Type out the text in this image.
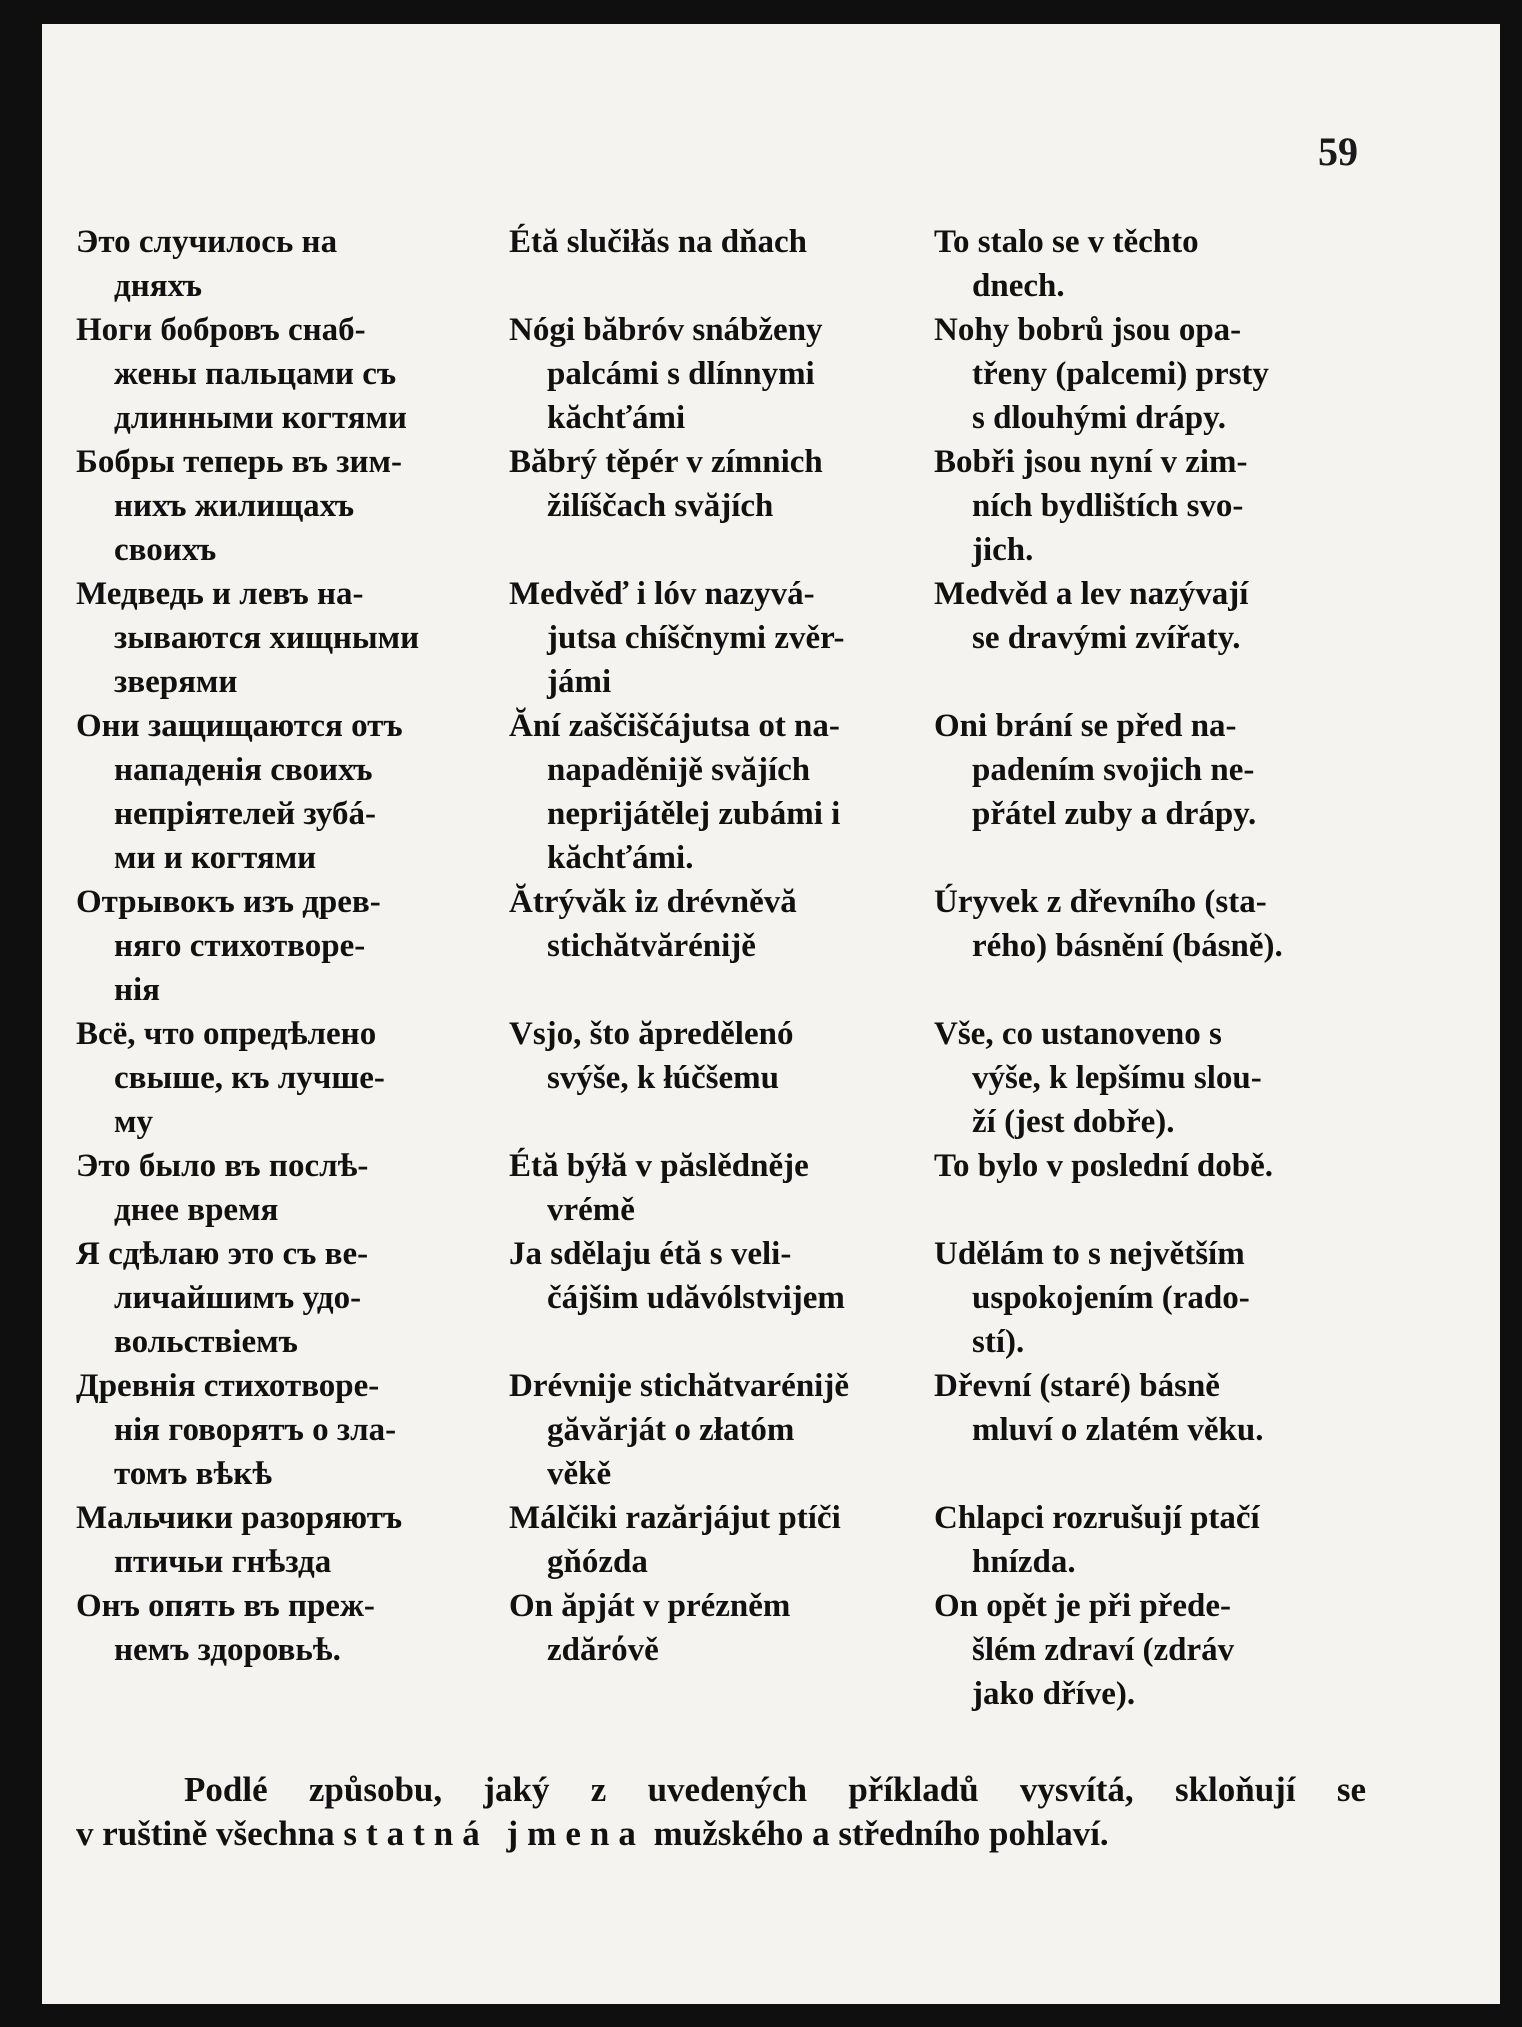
59
Это случилось на
дняхъ
Étă slučiłăs na dňach	To stalo se v těchto
dnech.
Ноги бобровъ снаб-
жены пальцами съ
длинными когтями
Nógi băbróv snábženy
palcámi s dlínnymi
kăchťámi
Nohy bobrů jsou opa-
třeny (palcemi) prsty
s dlouhými drápy.
Бобры теперь въ зим-
нихъ жилищахъ
своихъ
Băbrý těpér v zímnich
žilíščach svăjích
Bobři jsou nyní v zim-
ních bydlištích svo-
jich.
Медведь и левъ на-
зываются хищными
зверями
Medvěď i lóv nazyvá-
jutsa chíščnymi zvěr-
jámi
Medvěd a lev nazývají
se dravými zvířaty.
Они защищаются отъ
нападенія своихъ
непріятелей зубá-
ми и когтями
Ăní zaščiščájutsa ot na-
napaděniјě svăjích
neprijátělej zubámi i
kăchťámi.
Oni brání se před na-
padením svojich ne-
přátel zuby a drápy.
Отрывокъ изъ древ-
няго стихотворе-
нія
Ătrývăk iz drévněvă
stichătvăréniјě
Úryvek z dřevního (sta-
rého) básnění (básně).
Всё, что опредѣлено
свыше, къ лучше-
му
Vsjo, što ăpredělenó
svýše, k łúčšemu
Vše, co ustanoveno s
výše, k lepšímu slou-
ží (jest dobře).
Это было въ послѣ-
днее время
Étă býłă v păslědněје
vrémě
To bylo v poslední době.
Я сдѣлаю это съ ве-
личайшимъ удо-
вольствіемъ
Ja sdělaju étă s veli-
čájšim udăvólstviјem
Udělám to s největším
uspokojením (rado-
stí).
Древнія стихотворе-
нія говорятъ о зла-
томъ вѣкѣ
Drévniјe stichătvaréniјě
găvărját o złatóm
věkě
Dřevní (staré) básně
mluví o zlatém věku.
Мальчики разоряютъ
птичьи гнѣзда
Málčiki razărjáјut ptíči
gňózda
Chlapci rozrušují ptačí
hnízda.
Онъ опять въ преж-
немъ здоровьѣ.
On ăpját v prézněm
zdărόvě
On opět je při přede-
šlém zdraví (zdráv
jako dříve).
Podlé způsobu, jaký z uvedených příkladů vysvítá, skloňují se
v ruštině všechna statná jmena mužského a středního pohlaví.
